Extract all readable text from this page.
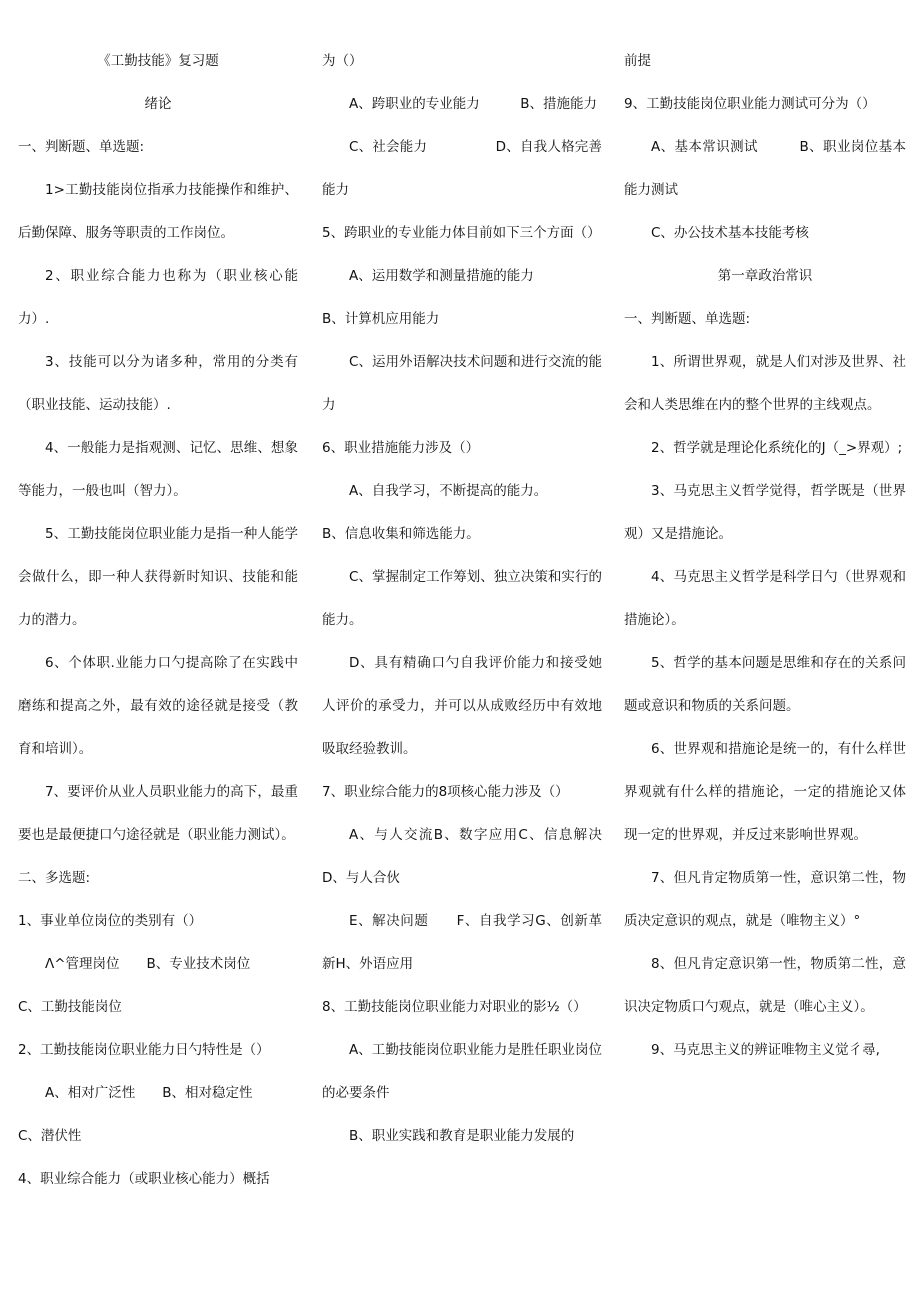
《工勤技能》复习题

绪论

一、判断题、单选题:

1>工勤技能岗位指承力技能操作和维护、后勤保障、服务等职责的工作岗位。

2、职业综合能力也称为（职业核心能力）.

3、技能可以分为诸多种，常用的分类有（职业技能、运动技能）.

4、一般能力是指观测、记忆、思维、想象等能力，一般也叫（智力）。

5、工勤技能岗位职业能力是指一种人能学会做什么，即一种人获得新时知识、技能和能力的潜力。

6、个体职.业能力口勺提高除了在实践中磨练和提高之外，最有效的途径就是接受（教育和培训）。

7、要评价从业人员职业能力的高下，最重要也是最便捷口勺途径就是（职业能力测试）。

二、多选题:

1、事业单位岗位的类别有（）

Λ^管理岗位　　B、专业技术岗位

C、工勤技能岗位

2、工勤技能岗位职业能力日勺特性是（）

A、相对广泛性　　B、相对稳定性

C、潜伏性

4、职业综合能力（或职业核心能力）概括

为（）

A、跨职业的专业能力　　　B、措施能力

C、社会能力　　　　　D、自我人格完善能力

5、跨职业的专业能力体目前如下三个方面（）

A、运用数学和测量措施的能力

B、计算机应用能力

C、运用外语解决技术问题和进行交流的能力

6、职业措施能力涉及（）

A、自我学习，不断提高的能力。

B、信息收集和筛选能力。

C、掌握制定工作筹划、独立决策和实行的能力。

D、具有精确口勺自我评价能力和接受她人评价的承受力，并可以从成败经历中有效地吸取经验教训。

7、职业综合能力的8项核心能力涉及（）

A、与人交流B、数字应用C、信息解决D、与人合伙

E、解决问题　　F、自我学习G、创新革新H、外语应用

8、工勤技能岗位职业能力对职业的影½（）

A、工勤技能岗位职业能力是胜任职业岗位的必要条件

B、职业实践和教育是职业能力发展的

前提

9、工勤技能岗位职业能力测试可分为（）

A、基本常识测试　　　B、职业岗位基本能力测试

C、办公技术基本技能考核

第一章政治常识

一、判断题、单选题:

1、所谓世界观，就是人们对涉及世界、社会和人类思维在内的整个世界的主线观点。

2、哲学就是理论化系统化的J（_>界观）;

3、马克思主义哲学觉得，哲学既是（世界观）又是措施论。

4、马克思主义哲学是科学日勺（世界观和措施论）。

5、哲学的基本问题是思维和存在的关系问题或意识和物质的关系问题。

6、世界观和措施论是统一的，有什么样世界观就有什么样的措施论，一定的措施论又体现一定的世界观，并反过来影响世界观。

7、但凡肯定物质第一性，意识第二性，物质决定意识的观点，就是（唯物主义）°

8、但凡肯定意识第一性，物质第二性，意识决定物质口勺观点，就是（唯心主义）。

9、马克思主义的辨证唯物主义觉彳尋,
